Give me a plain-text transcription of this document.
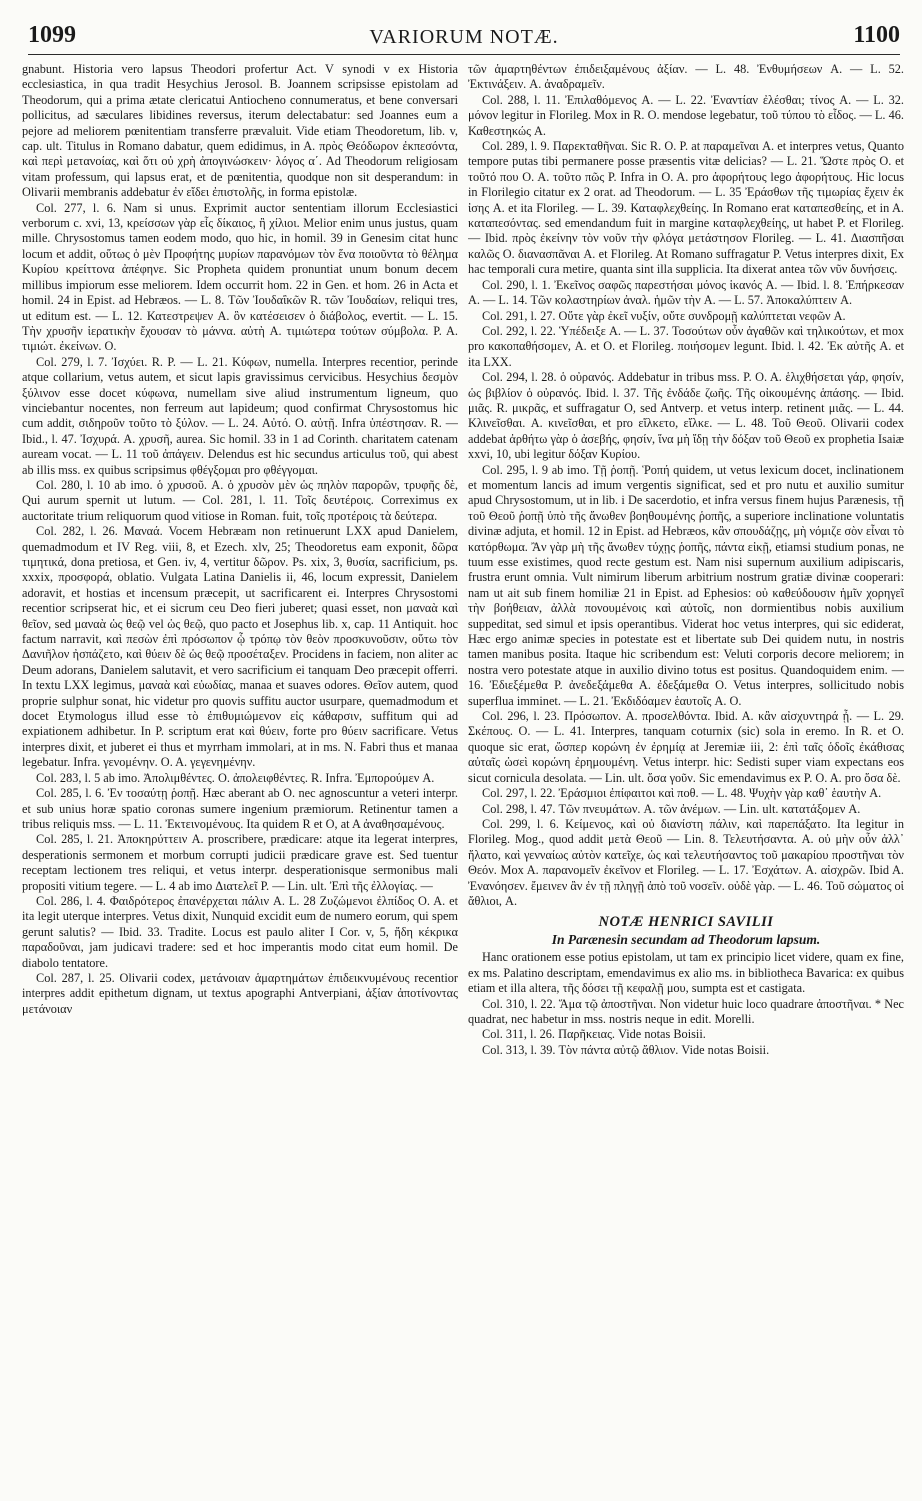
1099	VARIORUM NOTÆ.	1100

gnabunt. Historia vero lapsus Theodori profertur Act. V synodi v ex Historia ecclesiastica, in qua tradit Hesychius Jerosol. B. Joannem scripsisse epistolam ad Theodorum, qui a prima ætate clericatui Antiocheno connumeratus, et bene conversari pollicitus, ad sæculares libidines reversus, iterum delectabatur: sed Joannes eum a pejore ad meliorem pœnitentiam transferre prævaluit. Vide etiam Theodoretum, lib. v, cap. ult. Titulus in Romano dabatur, quem edidimus, in A. πρὸς Θεόδωρον ἐκπεσόντα, καὶ περὶ μετανοίας, καὶ ὅτι οὐ χρὴ ἀπογινώσκειν· λόγος α΄. Ad Theodorum religiosam vitam professum, qui lapsus erat, et de pœnitentia, quodque non sit desperandum: in Olivarii membranis addebatur ἐν εἴδει ἐπιστολῆς, in forma epistolæ.

Col. 277, l. 6. Nam si unus. Exprimit auctor sententiam illorum Ecclesiastici verborum c. xvi, 13, κρείσσων γὰρ εἷς δίκαιος, ἢ χίλιοι. Melior enim unus justus, quam mille. Chrysostomus tamen eodem modo, quo hic, in homil. 39 in Genesim citat hunc locum et addit, οὕτως ὁ μὲν Προφήτης μυρίων παρανόμων τὸν ἕνα ποιοῦντα τὸ θέλημα Κυρίου κρείττονα ἀπέφηνε. Sic Propheta quidem pronuntiat unum bonum decem millibus impiorum esse meliorem. Idem occurrit hom. 22 in Gen. et hom. 26 in Acta et homil. 24 in Epist. ad Hebræos. — L. 8. Τῶν Ἰουδαΐκῶν R. τῶν Ἰουδαίων, reliqui tres, ut editum est. — L. 12. Κατεστρεψεν A. ὃν κατέσεισεν ὁ διάβολος, evertit. — L. 15. Τὴν χρυσῆν ἱερατικὴν ἔχουσαν τὸ μάννα. αὐτὴ A. τιμιώτερα τούτων σύμβολα. P. A. τιμιώτ. ἐκείνων. O.

Col. 279, l. 7. Ἰσχύει. R. P. — L. 21. Κύφων, numella. Interpres recentior, perinde atque collarium, vetus autem, et sicut lapis gravissimus cervicibus. Hesychius δεσμὸν ξύλινον esse docet κύφωνα, numellam sive aliud instrumentum ligneum, quo vinciebantur nocentes, non ferreum aut lapideum; quod confirmat Chrysostomus hic cum addit, σιδηροῦν τοῦτο τὸ ξύλον. — L. 24. Αὐτό. O. αὐτῇ. Infra ὑπέστησαν. R. — Ibid., l. 47. Ἰσχυρά. A. χρυσῆ, aurea. Sic homil. 33 in 1 ad Corinth. charitatem catenam auream vocat. — L. 11 τοῦ ἀπάγειν. Delendus est hic secundus articulus τοῦ, qui abest ab illis mss. ex quibus scripsimus φθέγξομαι pro φθέγγομαι.

Col. 280, l. 10 ab imo. ὁ χρυσοῦ. A. ὁ χρυσὸν μὲν ὡς πηλὸν παρορῶν, τρυφῆς δὲ, Qui aurum spernit ut lutum. — Col. 281, l. 11. Τοῖς δευτέροις. Correximus ex auctoritate trium reliquorum quod vitiose in Roman. fuit, τοῖς προτέροις τὰ δεύτερα.

Col. 282, l. 26. Μαναά. Vocem Hebræam non retinuerunt LXX apud Danielem, quemadmodum et IV Reg. viii, 8, et Ezech. xlv, 25; Theodoretus eam exponit, δῶρα τιμητικά, dona pretiosa, et Gen. iv, 4, vertitur δῶρον. Ps. xix, 3, θυσία, sacrificium, ps. xxxix, προσφορά, oblatio. Vulgata Latina Danielis ii, 46, locum expressit, Danielem adoravit, et hostias et incensum præcepit, ut sacrificarent ei. Interpres Chrysostomi recentior scripserat hic, et ei sicrum ceu Deo fieri juberet; quasi esset, non μαναὰ καὶ θεῖον, sed μαναὰ ὡς θεῷ vel ὡς θεῷ, quo pacto et Josephus lib. x, cap. 11 Antiquit. hoc factum narravit, καὶ πεσὼν ἐπὶ πρόσωπον ᾧ τρόπῳ τὸν θεὸν προσκυνοῦσιν, οὕτω τὸν Δανιῆλον ἠσπάζετο, καὶ θύειν δὲ ὡς θεῷ προσέταξεν. Procidens in faciem, non aliter ac Deum adorans, Danielem salutavit, et vero sacrificium ei tanquam Deo præcepit offerri. In textu LXX legimus, μαναὰ καὶ εὐωδίας, manaa et suaves odores. Θεῖον autem, quod proprie sulphur sonat, hic videtur pro quovis suffitu auctor usurpare, quemadmodum et docet Etymologus illud esse τὸ ἐπιθυμιώμενον εἰς κάθαρσιν, suffitum qui ad expiationem adhibetur. In P. scriptum erat καὶ θύειν, forte pro θύειν sacrificare. Vetus interpres dixit, et juberet ei thus et myrrham immolari, at in ms. N. Fabri thus et manaa legebatur. Infra. γενομένην. O. A. γεγενημένην.

Col. 283, l. 5 ab imo. Ἀπολιμθέντες. O. ἀπολειφθέντες. R. Infra. Ἐμπορούμεν A.

Col. 285, l. 6. Ἐν τοσαύτῃ ῥοπῇ. Hæc aberant ab O. nec agnoscuntur a veteri interpr. et sub unius horæ spatio coronas sumere ingenium præmiorum. Retinentur tamen a tribus reliquis mss. — L. 11. Ἐκτεινομένους. Ita quidem R et O, at A ἀναθησαμένους.

Col. 285, l. 21. Ἀποκηρύττειν A. proscribere, prædicare: atque ita legerat interpres, desperationis sermonem et morbum corrupti judicii prædicare grave est. Sed tuentur receptam lectionem tres reliqui, et vetus interpr. desperationisque sermonibus mali propositi vitium tegere. — L. 4 ab imo Διατελεῖ P. — Lin. ult. Ἐπὶ τῆς ἐλλογίας. —

Col. 286, l. 4. Φαιδρότερος ἐπανέρχεται πάλιν A. L. 28 Ζυζώμενοι ἐλπίδος O. A. et ita legit uterque interpres. Vetus dixit, Nunquid excidit eum de numero eorum, qui spem gerunt salutis? — Ibid. 33. Tradite. Locus est paulo aliter I Cor. v, 5, ἤδη κέκρικα παραδοῦναι, jam judicavi tradere: sed et hoc imperantis modo citat eum homil. De diabolo tentatore.

Col. 287, l. 25. Olivarii codex, μετάνοιαν ἁμαρτημάτων ἐπιδεικνυμένους recentior interpres addit epithetum dignam, ut textus apographi Antverpiani, ἀξίαν ἀποτίνοντας μετάνοιαν

τῶν ἁμαρτηθέντων ἐπιδειξαμένους ἀξίαν. — L. 48. Ἐνθυμήσεων A. — L. 52. Ἐκτινάξειν. A. ἀναδραμεῖν.

Col. 288, l. 11. Ἐπιλαθόμενος A. — L. 22. Ἐναντίαν ἐλέσθαι; τίνος A. — L. 32. μόνον legitur in Florileg. Mox in R. O. mendose legebatur, τοῦ τύπου τὸ εἶδος. — L. 46. Καθεστηκώς A.

Col. 289, l. 9. Παρεκταθῆναι. Sic R. O. P. at παραμεῖναι A. et interpres vetus, Quanto tempore putas tibi permanere posse præsentis vitæ delicias? — L. 21. Ὥστε πρὸς O. et τοῦτό που O. A. τοῦτο πῶς P. Infra in O. A. pro ἀφορήτους lego ἀφορήτους. Hic locus in Florilegio citatur ex 2 orat. ad Theodorum. — L. 35 Ἐράσθων τῆς τιμωρίας ἔχειν ἐκ ἰσης A. et ita Florileg. — L. 39. Καταφλεχθείης. In Romano erat καταπεσθείης, et in A. καταπεσόντας. sed emendandum fuit in margine καταφλεχθείης, ut habet P. et Florileg. — Ibid. πρὸς ἐκείνην τὸν νοῦν τὴν φλόγα μετάστησον Florileg. — L. 41. Διασπῆσαι καλῶς O. διανασπᾶναι A. et Florileg. At Romano suffragatur P. Vetus interpres dixit, Ex hac temporali cura metire, quanta sint illa supplicia. Ita dixerat antea τῶν νῦν δυνήσεις.

Col. 290, l. 1. Ἐκεῖνος σαφῶς παρεστήσαι μόνος ἱκανός A. — Ibid. l. 8. Ἐπήρκεσαν A. — L. 14. Τῶν κολαστηρίων ἀναλ. ἡμῶν τὴν A. — L. 57. Ἀποκαλύπτειν A.

Col. 291, l. 27. Οὔτε γὰρ ἐκεῖ νυξίν, οὔτε συνδρομῇ καλύπτεται νεφῶν A.

Col. 292, l. 22. Ὑπέδειξε A. — L. 37. Τοσούτων οὖν ἀγαθῶν καὶ τηλικούτων, et mox pro κακοπαθήσομεν, A. et O. et Florileg. ποιήσομεν legunt. Ibid. l. 42. Ἐκ αὐτῆς A. et ita LXX.

Col. 294, l. 28. ὁ οὐρανός. Addebatur in tribus mss. P. O. A. ἑλιχθήσεται γάρ, φησίν, ὡς βιβλίον ὁ οὐρανός. Ibid. l. 37. Τῆς ἐνδάδε ζωῆς. Τῆς οἰκουμένης ἁπάσης. — Ibid. μιᾶς. R. μικρᾶς, et suffragatur O, sed Antverp. et vetus interp. retinent μιᾶς. — L. 44. Κλινεῖσθαι. A. κινεῖσθαι, et pro εἵλκετο, εἵλκε. — L. 48. Τοῦ Θεοῦ. Olivarii codex addebat ἀρθήτω γὰρ ὁ ἀσεβής, φησίν, ἵνα μὴ ἴδῃ τὴν δόξαν τοῦ Θεοῦ ex prophetia Isaiæ xxvi, 10, ubi legitur δόξαν Κυρίου.

Col. 295, l. 9 ab imo. Τῇ ῥοπῇ. Ῥοπή quidem, ut vetus lexicum docet, inclinationem et momentum lancis ad imum vergentis significat, sed et pro nutu et auxilio sumitur apud Chrysostomum, ut in lib. i De sacerdotio, et infra versus finem hujus Parænesis, τῇ τοῦ Θεοῦ ῥοπῇ ὑπὸ τῆς ἄνωθεν βοηθουμένης ῥοπῆς, a superiore inclinatione voluntatis divinæ adjuta, et homil. 12 in Epist. ad Hebræos, κἂν σπουδάζῃς, μὴ νόμιζε σὸν εἶναι τὸ κατόρθωμα. Ἂν γὰρ μὴ τῆς ἄνωθεν τύχῃς ῥοπῆς, πάντα εἰκῇ, etiamsi studium ponas, ne tuum esse existimes, quod recte gestum est. Nam nisi supernum auxilium adipiscaris, frustra erunt omnia. Vult nimirum liberum arbitrium nostrum gratiæ divinæ cooperari: nam ut ait sub finem homiliæ 21 in Epist. ad Ephesios: οὐ καθεύδουσιν ἡμῖν χορηγεῖ τὴν βοήθειαν, ἀλλὰ πονουμένοις καὶ αὐτοῖς, non dormientibus nobis auxilium suppeditat, sed simul et ipsis operantibus. Viderat hoc vetus interpres, qui sic ediderat, Hæc ergo animæ species in potestate est et libertate sub Dei quidem nutu, in nostris tamen manibus posita. Itaque hic scribendum est: Veluti corporis decore meliorem; in nostra vero potestate atque in auxilio divino totus est positus. Quandoquidem enim. — 16. Ἐδιεξέμεθα P. ἀνεδεξάμεθα A. ἐδεξάμεθα O. Vetus interpres, sollicitudo nobis superflua imminet. — L. 21. Ἐκδιδόαμεν ἑαυτοῖς A. O.

Col. 296, l. 23. Πρόσωπον. A. προσελθόντα. Ibid. A. κἂν αἰσχυντηρά ᾖ. — L. 29. Σκέπους. O. — L. 41. Interpres, tanquam coturnix (sic) sola in eremo. In R. et O. quoque sic erat, ὥσπερ κορώνη ἐν ἐρημίᾳ at Jeremiæ iii, 2: ἐπὶ ταῖς ὁδοῖς ἐκάθισας αὐταῖς ὡσεὶ κορώνη ἐρημουμένη. Vetus interpr. hic: Sedisti super viam expectans eos sicut cornicula desolata. — Lin. ult. ὅσα γοῦν. Sic emendavimus ex P. O. A. pro ὅσα δὲ.

Col. 297, l. 22. Ἐράσμιοι ἐπίφαιτοι καὶ ποθ. — L. 48. Ψυχὴν γὰρ καθ᾽ ἑαυτὴν A.

Col. 298, l. 47. Τῶν πνευμάτων. A. τῶν ἀνέμων. — Lin. ult. κατατάξομεν A.

Col. 299, l. 6. Κείμενος, καὶ οὐ διανίστη πάλιν, καὶ παρεπάξατο. Ita legitur in Florileg. Mog., quod addit μετὰ Θεοῦ — Lin. 8. Τελευτήσαντα. A. οὐ μὴν οὖν ἀλλ᾽ ἥλατο, καὶ γενναίως αὐτὸν κατεῖχε, ὡς καὶ τελευτήσαντος τοῦ μακαρίου προστῆναι τὸν Θεόν. Mox A. παρανομεῖν ἐκεῖνον et Florileg. — L. 17. Ἐσχάτων. A. αἰσχρῶν. Ibid A. Ἐνανόησεν. ἔμεινεν ἂν ἐν τῇ πληγῇ ἀπὸ τοῦ νοσεῖν. οὐδὲ γὰρ. — L. 46. Τοῦ σώματος οἱ ἄθλιοι, A.

NOTÆ HENRICI SAVILII
In Parænesin secundam ad Theodorum lapsum.

Hanc orationem esse potius epistolam, ut tam ex principio licet videre, quam ex fine, ex ms. Palatino descriptam, emendavimus ex alio ms. in bibliotheca Bavarica: ex quibus etiam et illa altera, τῆς δόσει τῇ κεφαλῇ μου, sumpta est et castigata.

Col. 310, l. 22. Ἅμα τῷ ἀποστῆναι. Non videtur huic loco quadrare ἀποστῆναι. * Nec quadrat, nec habetur in mss. nostris neque in edit. Morelli.

Col. 311, l. 26. Παρῆκειας. Vide notas Boisii.

Col. 313, l. 39. Τὸν πάντα αὐτῷ ἄθλιον. Vide notas Boisii.
